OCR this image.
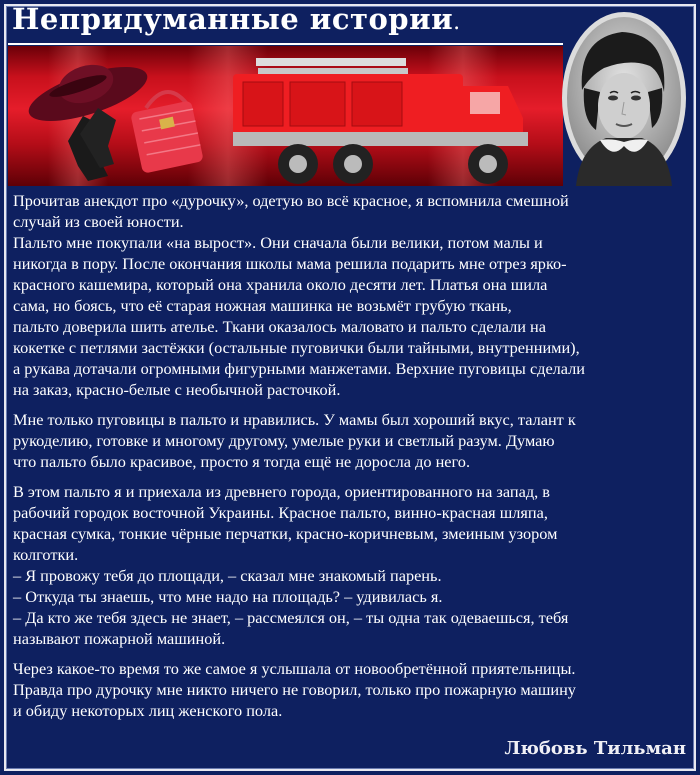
Непридуманные истории.

Прочитав анекдот про «дурочку», одетую во всё красное, я вспомнила смешной
случай из своей юности.
Пальто мне покупали «на вырост». Они сначала были велики, потом малы и
никогда в пору. После окончания школы мама решила подарить мне отрез ярко-
красного кашемира, который она хранила около десяти лет. Платья она шила
сама, но боясь, что её старая ножная машинка не возьмёт грубую ткань,
пальто доверила шить ателье. Ткани оказалось маловато и пальто сделали на
кокетке с петлями застёжки (остальные пуговички были тайными, внутренними),
а рукава дотачали огромными фигурными манжетами. Верхние пуговицы сделали
на заказ, красно-белые с необычной расточкой.

Мне только пуговицы в пальто и нравились. У мамы был хороший вкус, талант к
рукоделию, готовке и многому другому, умелые руки и светлый разум. Думаю
что пальто было красивое, просто я тогда ещё не доросла до него.

В этом пальто я и приехала из древнего города, ориентированного на запад, в
рабочий городок восточной Украины. Красное пальто, винно-красная шляпа,
красная сумка, тонкие чёрные перчатки, красно-коричневым, змеиным узором
колготки.
– Я провожу тебя до площади, – сказал мне знакомый парень.
– Откуда ты знаешь, что мне надо на площадь? – удивилась я.
– Да кто же тебя здесь не знает, – рассмеялся он, – ты одна так одеваешься, тебя
называют пожарной машиной.

Через какое-то время то же самое я услышала от новообретённой приятельницы.
Правда про дурочку мне никто ничего не говорил, только про пожарную машину
и обиду некоторых лиц женского пола.

Любовь Тильман
